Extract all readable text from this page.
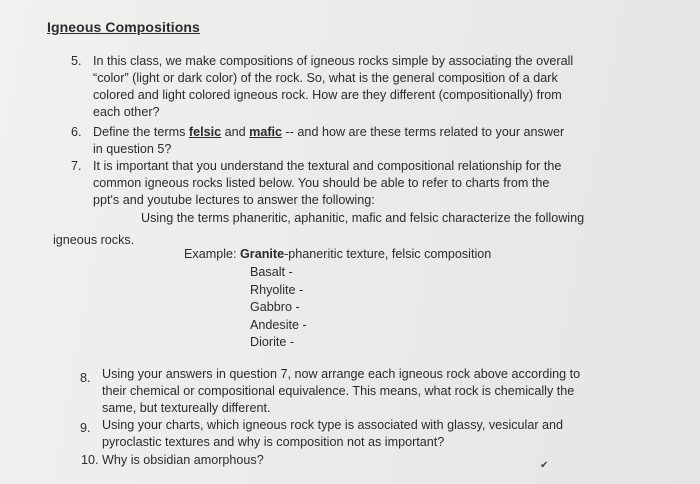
Igneous Compositions
5. In this class, we make compositions of igneous rocks simple by associating the overall
“color” (light or dark color) of the rock. So, what is the general composition of a dark
colored and light colored igneous rock. How are they different (compositionally) from
each other?
6. Define the terms felsic and mafic -- and how are these terms related to your answer
in question 5?
7. It is important that you understand the textural and compositional relationship for the
common igneous rocks listed below. You should be able to refer to charts from the
ppt's and youtube lectures to answer the following:
Using the terms phaneritic, aphanitic, mafic and felsic characterize the following
igneous rocks.
Example: Granite-phaneritic texture, felsic composition
Basalt -
Rhyolite -
Gabbro -
Andesite -
Diorite -
8. Using your answers in question 7, now arrange each igneous rock above according to
their chemical or compositional equivalence. This means, what rock is chemically the
same, but textureally different.
9. Using your charts, which igneous rock type is associated with glassy, vesicular and
pyroclastic textures and why is composition not as important?
10. Why is obsidian amorphous?	✔
